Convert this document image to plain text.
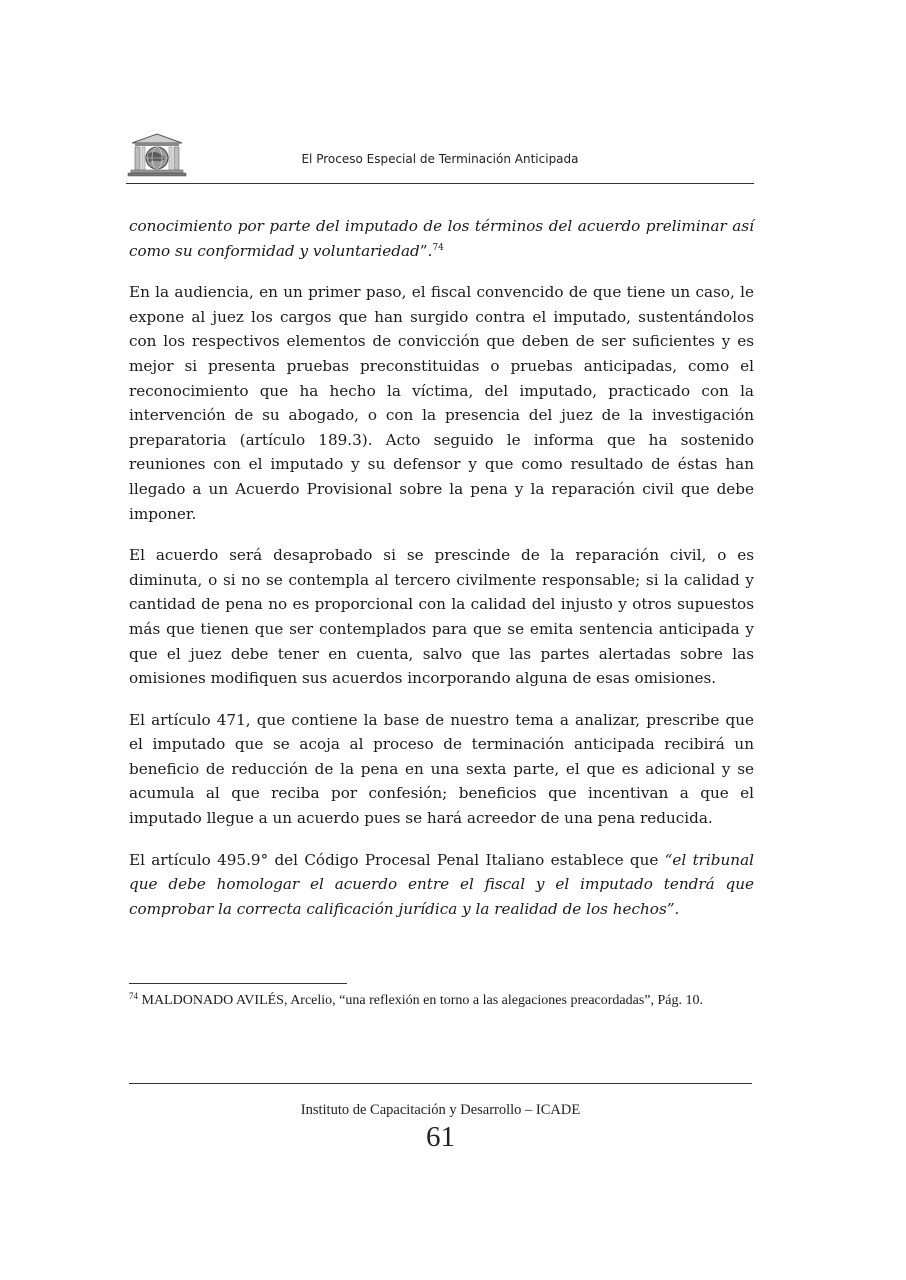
El Proceso Especial de Terminación Anticipada

conocimiento por parte del imputado de los términos del acuerdo preliminar así como su conformidad y voluntariedad”.$^{74}$

En la audiencia, en un primer paso, el fiscal convencido de que tiene un caso, le expone al juez los cargos que han surgido contra el imputado, sustentándolos con los respectivos elementos de convicción que deben de ser suficientes y es mejor si presenta pruebas preconstituidas o pruebas anticipadas, como el reconocimiento que ha hecho la víctima, del imputado, practicado con la intervención de su abogado, o con la presencia del juez de la investigación preparatoria (artículo 189.3). Acto seguido le informa que ha sostenido reuniones con el imputado y su defensor y que como resultado de éstas han llegado a un Acuerdo Provisional sobre la pena y la reparación civil que debe imponer.

El acuerdo será desaprobado si se prescinde de la reparación civil, o es diminuta, o si no se contempla al tercero civilmente responsable; si la calidad y cantidad de pena no es proporcional con la calidad del injusto y otros supuestos más que tienen que ser contemplados para que se emita sentencia anticipada y que el juez debe tener en cuenta, salvo que las partes alertadas sobre las omisiones modifiquen sus acuerdos incorporando alguna de esas omisiones.

El artículo 471, que contiene la base de nuestro tema a analizar, prescribe que el imputado que se acoja al proceso de terminación anticipada recibirá un beneficio de reducción de la pena en una sexta parte, el que es adicional y se acumula al que reciba por confesión; beneficios que incentivan a que el imputado llegue a un acuerdo pues se hará acreedor de una pena reducida.

El artículo 495.9° del Código Procesal Penal Italiano establece que “el tribunal que debe homologar el acuerdo entre el fiscal y el imputado tendrá que comprobar la correcta calificación jurídica y la realidad de los hechos”.

$^{74}$ MALDONADO AVILÉS, Arcelio, “una reflexión en torno a las alegaciones preacordadas”, Pág. 10.
Instituto de Capacitación y Desarrollo – ICADE
61
